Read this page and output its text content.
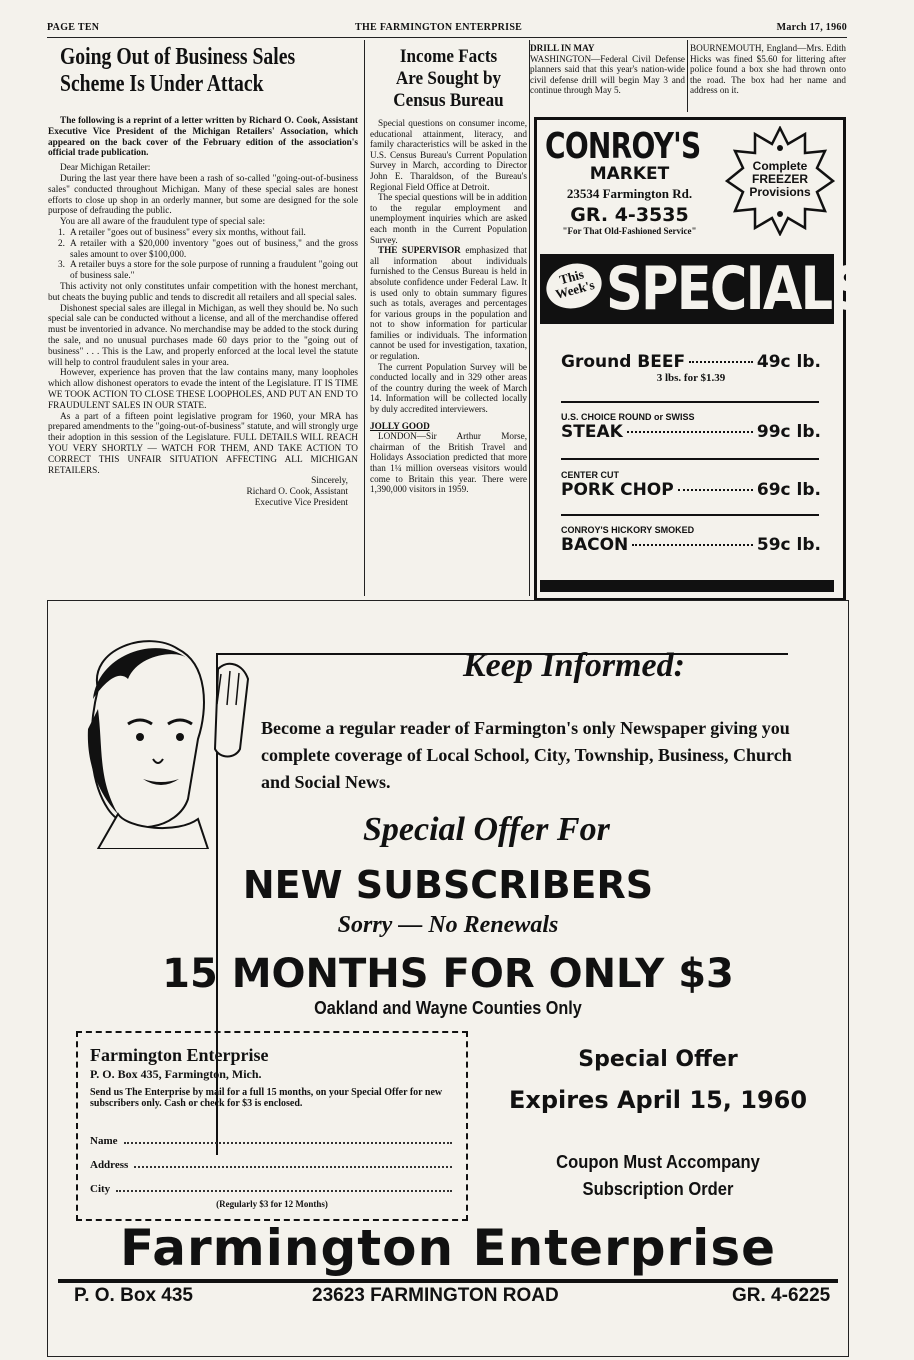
PAGE TEN	THE FARMINGTON ENTERPRISE	March 17, 1960
Going Out of Business Sales
Scheme Is Under Attack

The following is a reprint of a letter written by Richard O. Cook, Assistant Executive Vice President of the Michigan Retailers' Association, which appeared on the back cover of the February edition of the association's official trade publication.

Dear Michigan Retailer:

During the last year there have been a rash of so-called "going-out-of-business sales" conducted throughout Michigan. Many of these special sales are honest efforts to close up shop in an orderly manner, but some are designed for the sole purpose of defrauding the public.

You are all aware of the fraudulent type of special sale:

1. A retailer "goes out of business" every six months, without fail.

2. A retailer with a $20,000 inventory "goes out of business," and the gross sales amount to over $100,000.

3. A retailer buys a store for the sole purpose of running a fraudulent "going out of business sale."

This activity not only constitutes unfair competition with the honest merchant, but cheats the buying public and tends to discredit all retailers and all special sales.

Dishonest special sales are illegal in Michigan, as well they should be. No such special sale can be conducted without a license, and all of the merchandise offered must be inventoried in advance. No merchandise may be added to the stock during the sale, and no unusual purchases made 60 days prior to the "going out of business" . . . This is the Law, and properly enforced at the local level the statute will help to control fraudulent sales in your area.

However, experience has proven that the law contains many, many loopholes which allow dishonest operators to evade the intent of the Legislature. IT IS TIME WE TOOK ACTION TO CLOSE THESE LOOPHOLES, AND PUT AN END TO FRAUDULENT SALES IN OUR STATE.

As a part of a fifteen point legislative program for 1960, your MRA has prepared amendments to the "going-out-of-business" statute, and will strongly urge their adoption in this session of the Legislature. FULL DETAILS WILL REACH YOU VERY SHORTLY — WATCH FOR THEM, AND TAKE ACTION TO CORRECT THIS UNFAIR SITUATION AFFECTING ALL MICHIGAN RETAILERS.

Sincerely,

Richard O. Cook, Assistant

Executive Vice President

Income Facts
Are Sought by
Census Bureau

Special questions on consumer income, educational attainment, literacy, and family characteristics will be asked in the U.S. Census Bureau's Current Population Survey in March, according to Director John E. Tharaldson, of the Bureau's Regional Field Office at Detroit.

The special questions will be in addition to the regular employment and unemployment inquiries which are asked each month in the Current Population Survey.

THE SUPERVISOR emphasized that all information about individuals furnished to the Census Bureau is held in absolute confidence under Federal Law. It is used only to obtain summary figures such as totals, averages and percentages for various groups in the population and not to show information for particular families or individuals. The information cannot be used for investigation, taxation, or regulation.

The current Population Survey will be conducted locally and in 329 other areas of the country during the week of March 14. Information will be collected locally by duly accredited interviewers.

JOLLY GOOD

LONDON—Sir Arthur Morse, chairman of the British Travel and Holidays Association predicted that more than 1¼ million overseas visitors would come to Britain this year. There were 1,390,000 visitors in 1959.

DRILL IN MAY

WASHINGTON—Federal Civil Defense planners said that this year's nation-wide civil defense drill will begin May 3 and continue through May 5.

BOURNEMOUTH, England—Mrs. Edith Hicks was fined $5.60 for littering after police found a box she had thrown onto the road. The box had her name and address on it.

CONROY'S
MARKET
23534 Farmington Rd.
GR. 4-3535
"For That Old-Fashioned Service"
Complete
FREEZER
Provisions
This Week's SPECIALS
Ground BEEF	49c lb.
3 lbs. for $1.39
U.S. CHOICE ROUND or SWISS
STEAK	99c lb.
CENTER CUT
PORK CHOP	69c lb.
CONROY'S HICKORY SMOKED
BACON	59c lb.
Keep Informed:
Become a regular reader of Farmington's only Newspaper giving you complete coverage of Local School, City, Township, Business, Church and Social News.
Special Offer For
NEW SUBSCRIBERS
Sorry — No Renewals
15 MONTHS FOR ONLY $3
Oakland and Wayne Counties Only
Farmington Enterprise
P. O. Box 435, Farmington, Mich.
Send us The Enterprise by mail for a full 15 months, on your Special Offer for new subscribers only. Cash or check for $3 is enclosed.
Name
Address
City
(Regularly $3 for 12 Months)
Special Offer
Expires April 15, 1960
Coupon Must Accompany
Subscription Order
Farmington Enterprise
P. O. Box 435	23623 FARMINGTON ROAD	GR. 4-6225
